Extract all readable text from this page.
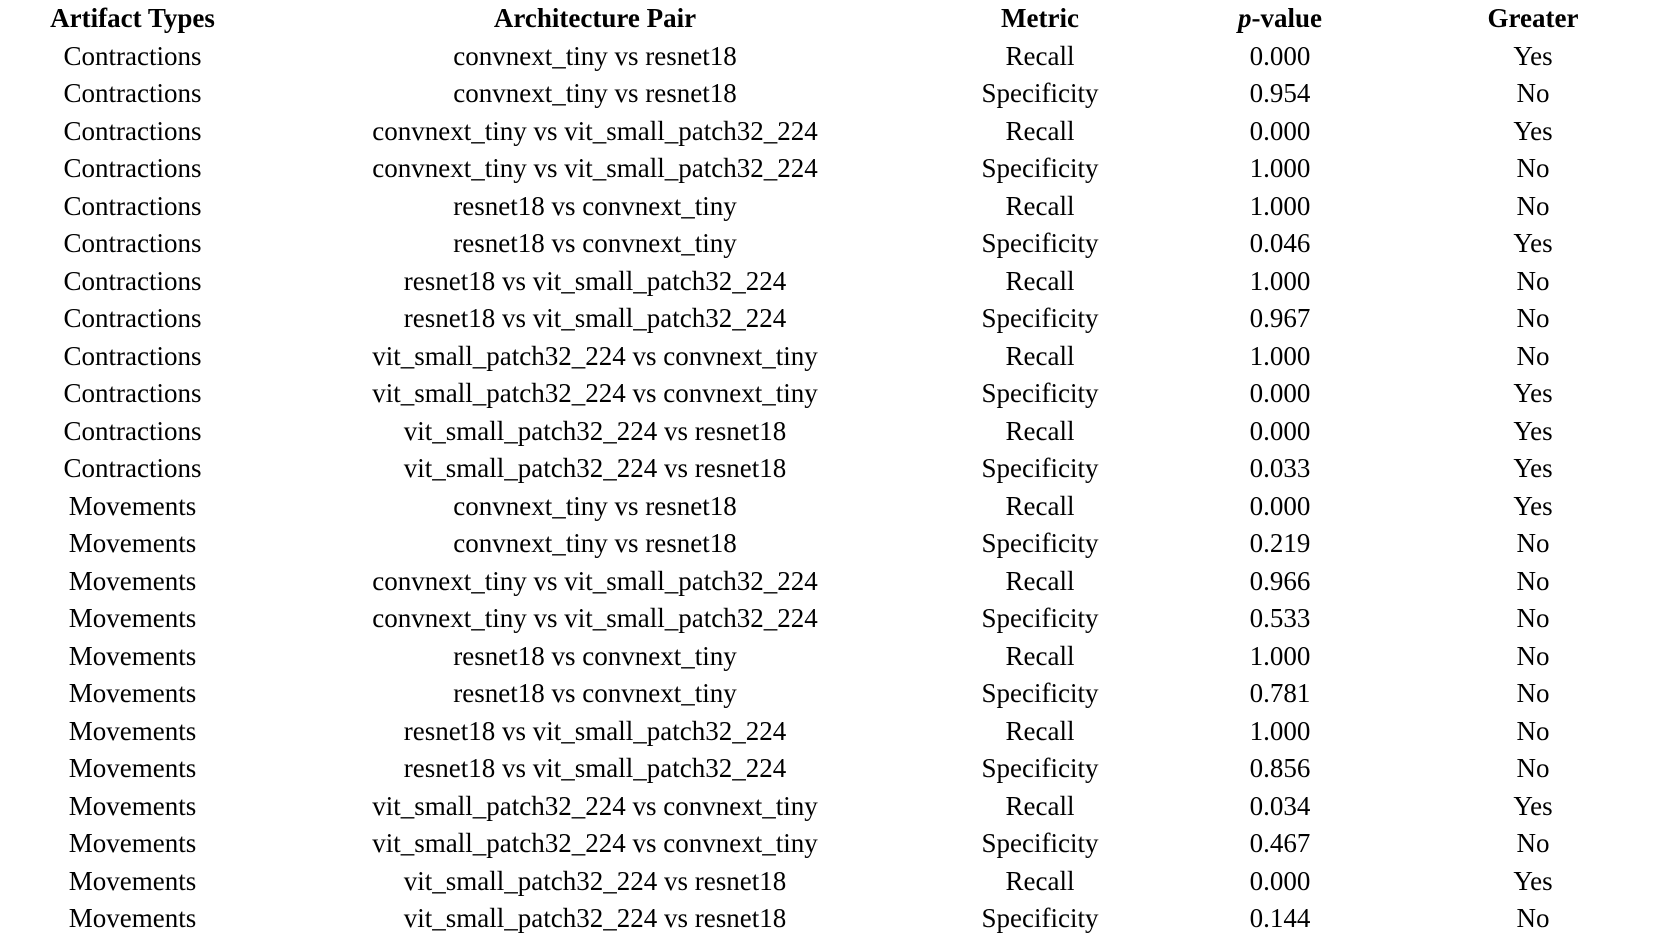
Artifact Types	Architecture Pair	Metric	p-value	Greater
Contractions	convnext_tiny vs resnet18	Recall	0.000	Yes
Contractions	convnext_tiny vs resnet18	Specificity	0.954	No
Contractions	convnext_tiny vs vit_small_patch32_224	Recall	0.000	Yes
Contractions	convnext_tiny vs vit_small_patch32_224	Specificity	1.000	No
Contractions	resnet18 vs convnext_tiny	Recall	1.000	No
Contractions	resnet18 vs convnext_tiny	Specificity	0.046	Yes
Contractions	resnet18 vs vit_small_patch32_224	Recall	1.000	No
Contractions	resnet18 vs vit_small_patch32_224	Specificity	0.967	No
Contractions	vit_small_patch32_224 vs convnext_tiny	Recall	1.000	No
Contractions	vit_small_patch32_224 vs convnext_tiny	Specificity	0.000	Yes
Contractions	vit_small_patch32_224 vs resnet18	Recall	0.000	Yes
Contractions	vit_small_patch32_224 vs resnet18	Specificity	0.033	Yes
Movements	convnext_tiny vs resnet18	Recall	0.000	Yes
Movements	convnext_tiny vs resnet18	Specificity	0.219	No
Movements	convnext_tiny vs vit_small_patch32_224	Recall	0.966	No
Movements	convnext_tiny vs vit_small_patch32_224	Specificity	0.533	No
Movements	resnet18 vs convnext_tiny	Recall	1.000	No
Movements	resnet18 vs convnext_tiny	Specificity	0.781	No
Movements	resnet18 vs vit_small_patch32_224	Recall	1.000	No
Movements	resnet18 vs vit_small_patch32_224	Specificity	0.856	No
Movements	vit_small_patch32_224 vs convnext_tiny	Recall	0.034	Yes
Movements	vit_small_patch32_224 vs convnext_tiny	Specificity	0.467	No
Movements	vit_small_patch32_224 vs resnet18	Recall	0.000	Yes
Movements	vit_small_patch32_224 vs resnet18	Specificity	0.144	No
